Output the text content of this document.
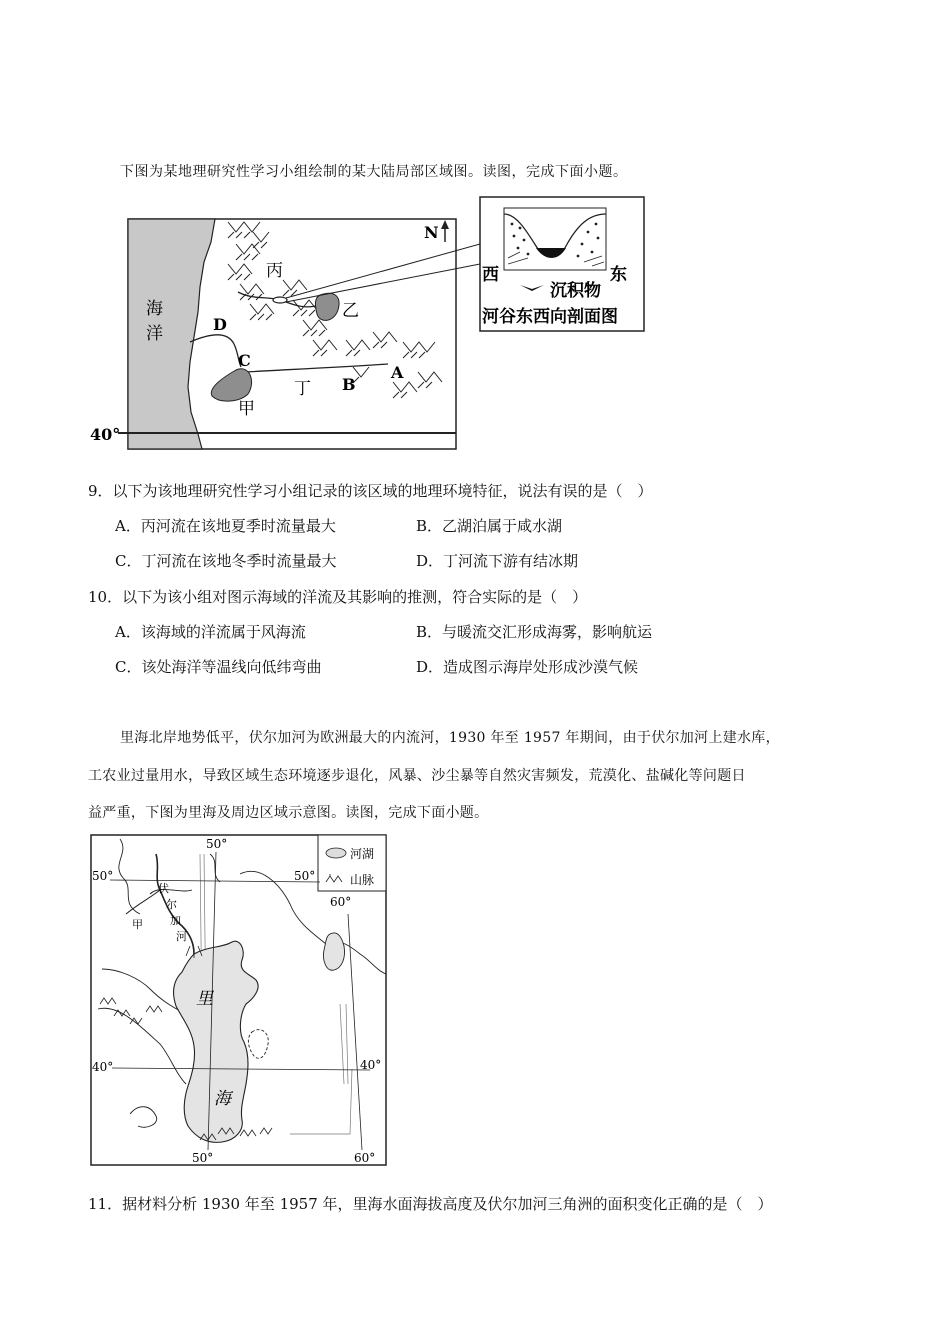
下图为某地理研究性学习小组绘制的某大陆局部区域图。读图，完成下面小题。
海
洋
40°
丙
乙
甲
丁
A
B
C
D
N
西	东
沉积物
河谷东西向剖面图
9．以下为该地理研究性学习小组记录的该区域的地理环境特征，说法有误的是（　）
A．丙河流在该地夏季时流量最大	B．乙湖泊属于咸水湖
C．丁河流在该地冬季时流量最大	D．丁河流下游有结冰期
10．以下为该小组对图示海域的洋流及其影响的推测，符合实际的是（　）
A．该海域的洋流属于风海流	B．与暖流交汇形成海雾，影响航运
C．该处海洋等温线向低纬弯曲	D．造成图示海岸处形成沙漠气候
里海北岸地势低平，伏尔加河为欧洲最大的内流河，1930 年至 1957 年期间，由于伏尔加河上建水库，
工农业过量用水，导致区域生态环境逐步退化，风暴、沙尘暴等自然灾害频发，荒漠化、盐碱化等问题日
益严重，下图为里海及周边区域示意图。读图，完成下面小题。
河湖
山脉
50°	50°
40°	40°
50°
50°
60°
60°
伏
尔
加
河
甲
里
海
11．据材料分析 1930 年至 1957 年，里海水面海拔高度及伏尔加河三角洲的面积变化正确的是（　）
